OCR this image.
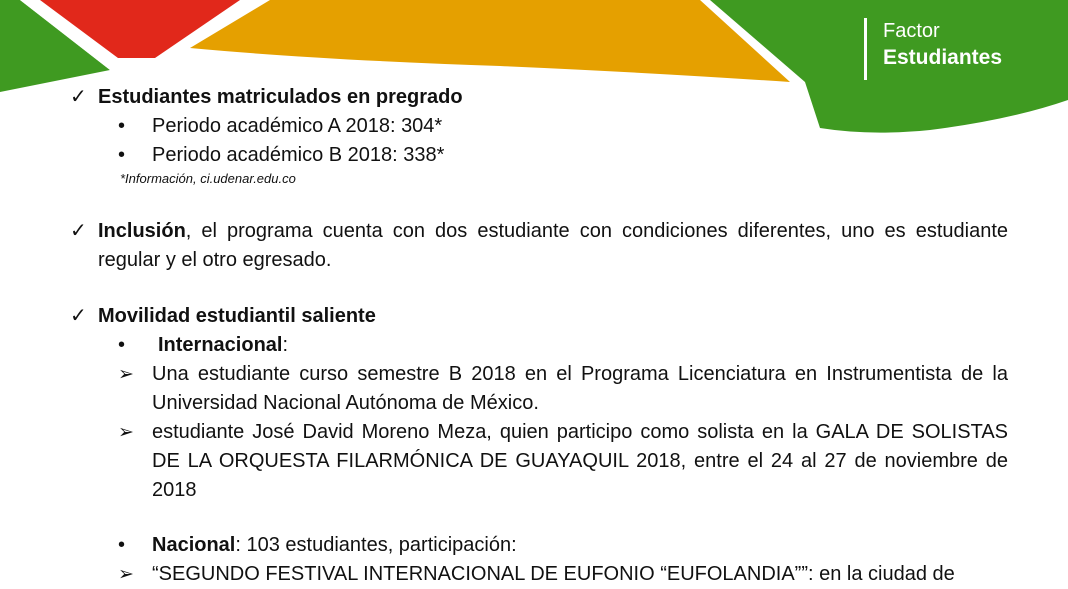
Factor
Estudiantes
✓ Estudiantes matriculados en pregrado
• Periodo académico A 2018: 304*
• Periodo académico B 2018: 338*
*Información, ci.udenar.edu.co
✓ Inclusión, el programa cuenta con dos estudiante con condiciones diferentes, uno es estudiante regular y el otro egresado.
✓ Movilidad estudiantil saliente
• Internacional:
➢ Una estudiante curso semestre B 2018 en el Programa Licenciatura en Instrumentista de la Universidad Nacional Autónoma de México.
➢ estudiante José David Moreno Meza, quien participo como solista en la GALA DE SOLISTAS DE LA ORQUESTA FILARMÓNICA DE GUAYAQUIL 2018, entre el 24 al 27 de noviembre de 2018
• Nacional: 103 estudiantes, participación:
➢ “SEGUNDO FESTIVAL INTERNACIONAL DE EUFONIO “EUFOLANDIA””: en la ciudad de
